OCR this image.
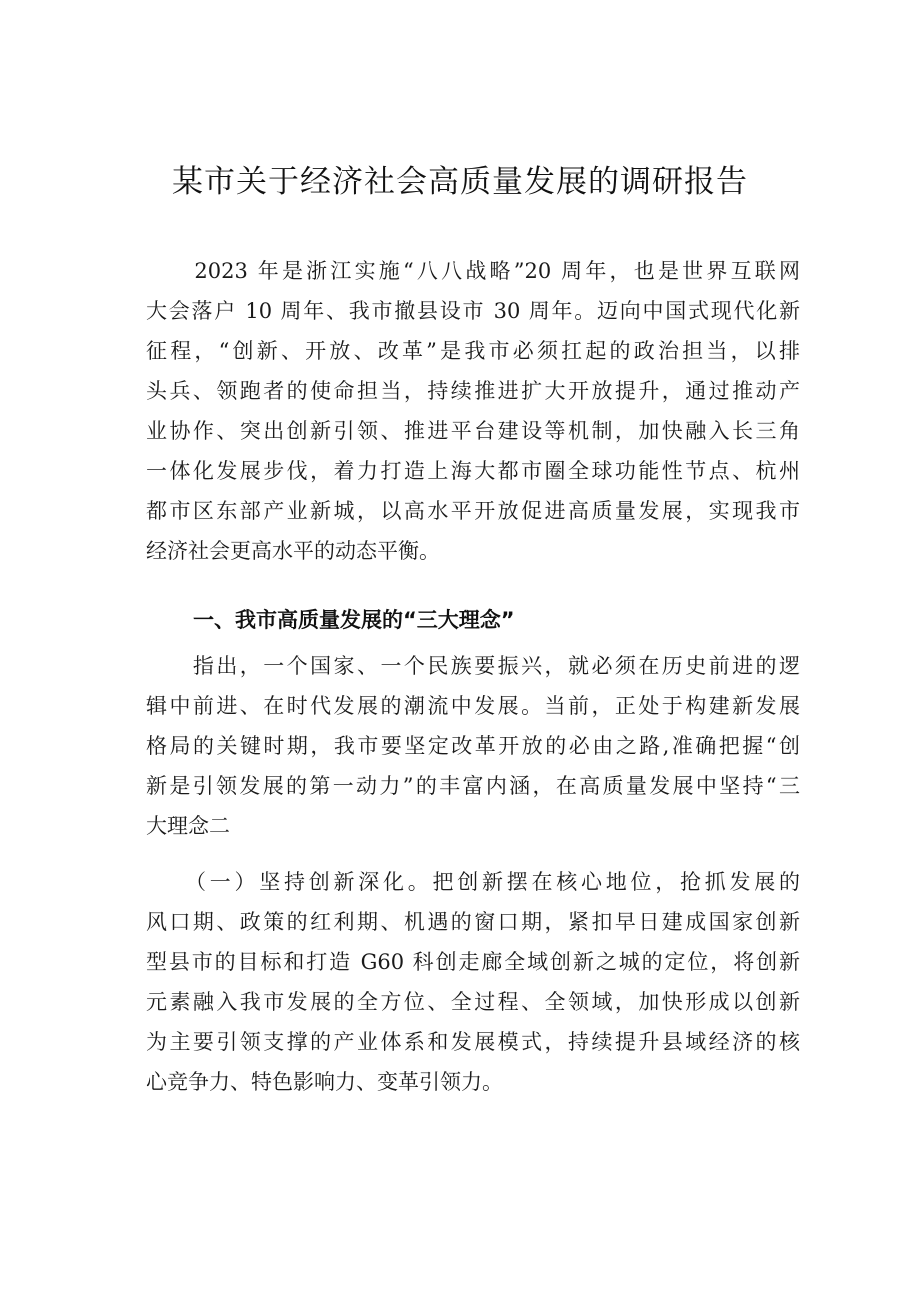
某市关于经济社会高质量发展的调研报告
　　2023 年是浙江实施“八八战略”20 周年，也是世界互联网
大会落户 10 周年、我市撤县设市 30 周年。迈向中国式现代化新
征程，“创新、开放、改革”是我市必须扛起的政治担当，以排
头兵、领跑者的使命担当，持续推进扩大开放提升，通过推动产
业协作、突出创新引领、推进平台建设等机制，加快融入长三角
一体化发展步伐，着力打造上海大都市圈全球功能性节点、杭州
都市区东部产业新城，以高水平开放促进高质量发展，实现我市
经济社会更高水平的动态平衡。
一、我市高质量发展的“三大理念”
　　指出，一个国家、一个民族要振兴，就必须在历史前进的逻
辑中前进、在时代发展的潮流中发展。当前，正处于构建新发展
格局的关键时期，我市要坚定改革开放的必由之路,准确把握“创
新是引领发展的第一动力”的丰富内涵，在高质量发展中坚持“三
大理念二
　　（一）坚持创新深化。把创新摆在核心地位，抢抓发展的
风口期、政策的红利期、机遇的窗口期，紧扣早日建成国家创新
型县市的目标和打造 G60 科创走廊全域创新之城的定位，将创新
元素融入我市发展的全方位、全过程、全领域，加快形成以创新
为主要引领支撑的产业体系和发展模式，持续提升县域经济的核
心竞争力、特色影响力、变革引领力。
